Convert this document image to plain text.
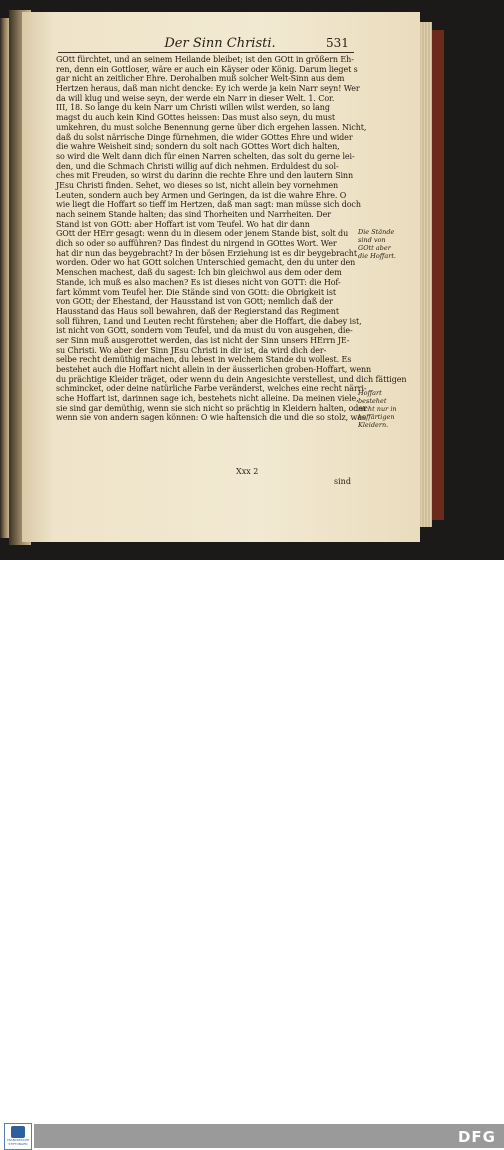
Der Sinn Christi.	531
GOtt fürchtet, und an seinem Heilande bleibet; ist den GOtt in größern Eh-
ren, denn ein Gottloser, wäre er auch ein Käyser oder König. Darum lieget s
gar nicht an zeitlicher Ehre. Derohalben muß solcher Welt-Sinn aus dem
Hertzen heraus, daß man nicht dencke: Ey ich werde ja kein Narr seyn! Wer
da will klug und weise seyn, der werde ein Narr in dieser Welt. 1. Cor.
III, 18. So lange du kein Narr um Christi willen wilst werden, so lang
magst du auch kein Kind GOttes heissen: Das must also seyn, du must
umkehren, du must solche Benennung gerne über dich ergehen lassen. Nicht,
daß du solst närrische Dinge fürnehmen, die wider GOttes Ehre und wider
die wahre Weisheit sind; sondern du solt nach GOttes Wort dich halten,
so wird die Welt dann dich für einen Narren schelten, das solt du gerne lei-
den, und die Schmach Christi willig auf dich nehmen. Erduldest du sol-
ches mit Freuden, so wirst du darinn die rechte Ehre und den lautern Sinn
JEsu Christi finden. Sehet, wo dieses so ist, nicht allein bey vornehmen
Leuten, sondern auch bey Armen und Geringen, da ist die wahre Ehre. O
wie liegt die Hoffart so tieff im Hertzen, daß man sagt: man müsse sich doch
nach seinem Stande halten; das sind Thorheiten und Narrheiten. Der
Stand ist von GOtt: aber Hoffart ist vom Teufel. Wo hat dir dann
GOtt der HErr gesagt: wenn du in diesem oder jenem Stande bist, solt du
dich so oder so aufführen? Das findest du nirgend in GOttes Wort. Wer
hat dir nun das beygebracht? In der bösen Erziehung ist es dir beygebracht
worden. Oder wo hat GOtt solchen Unterschied gemacht, den du unter den
Menschen machest, daß du sagest: Ich bin gleichwol aus dem oder dem
Stande, ich muß es also machen? Es ist dieses nicht von GOTT: die Hof-
fart kömmt vom Teufel her. Die Stände sind von GOtt: die Obrigkeit ist
von GOtt; der Ehestand, der Hausstand ist von GOtt; nemlich daß der
Hausstand das Haus soll bewahren, daß der Regierstand das Regiment
soll führen, Land und Leuten recht fürstehen; aber die Hoffart, die dabey ist,
ist nicht von GOtt, sondern vom Teufel, und da must du von ausgehen, die-
ser Sinn muß ausgerottet werden, das ist nicht der Sinn unsers HErrn JE-
su Christi. Wo aber der Sinn JEsu Christi in dir ist, da wird dich der-
selbe recht demüthig machen, du lebest in welchem Stande du wollest. Es
bestehet auch die Hoffart nicht allein in der äusserlichen groben-Hoffart, wenn
du prächtige Kleider träget, oder wenn du dein Angesichte verstellest, und dich fättigen
schmincket, oder deine natürliche Farbe veränderst, welches eine recht närri-
sche Hoffart ist, darinnen sage ich, bestehets nicht alleine. Da meinen viele,
sie sind gar demüthig, wenn sie sich nicht so prächtig in Kleidern halten, oder
wenn sie von andern sagen können: O wie haltensich die und die so stolz, was
Die Stände sind von GOtt aber die Hoffart.
Hoffart bestehet nicht nur in hoffärtigen Kleidern.
Xxx 2
sind
FRANCKESCHE STIFTUNGEN	DFG
